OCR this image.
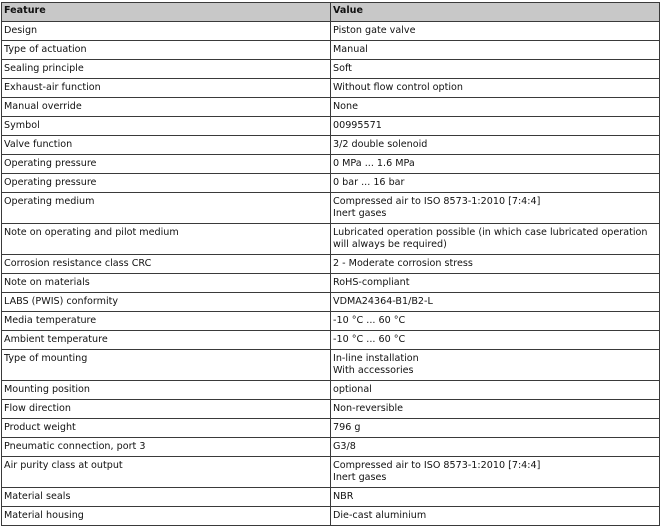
Feature	Value
Design	Piston gate valve

Type of actuation	Manual

Sealing principle	Soft

Exhaust-air function	Without flow control option

Manual override	None

Symbol	00995571

Valve function	3/2 double solenoid

Operating pressure	0 MPa ... 1.6 MPa

Operating pressure	0 bar ... 16 bar

Operating medium	Compressed air to ISO 8573-1:2010 [7:4:4]
Inert gases

Note on operating and pilot medium	Lubricated operation possible (in which case lubricated operation will always be required)

Corrosion resistance class CRC	2 - Moderate corrosion stress

Note on materials	RoHS-compliant

LABS (PWIS) conformity	VDMA24364-B1/B2-L

Media temperature	-10 °C ... 60 °C

Ambient temperature	-10 °C ... 60 °C

Type of mounting	In-line installation
With accessories

Mounting position	optional

Flow direction	Non-reversible

Product weight	796 g

Pneumatic connection, port 3	G3/8

Air purity class at output	Compressed air to ISO 8573-1:2010 [7:4:4]
Inert gases

Material seals	NBR

Material housing	Die-cast aluminium
